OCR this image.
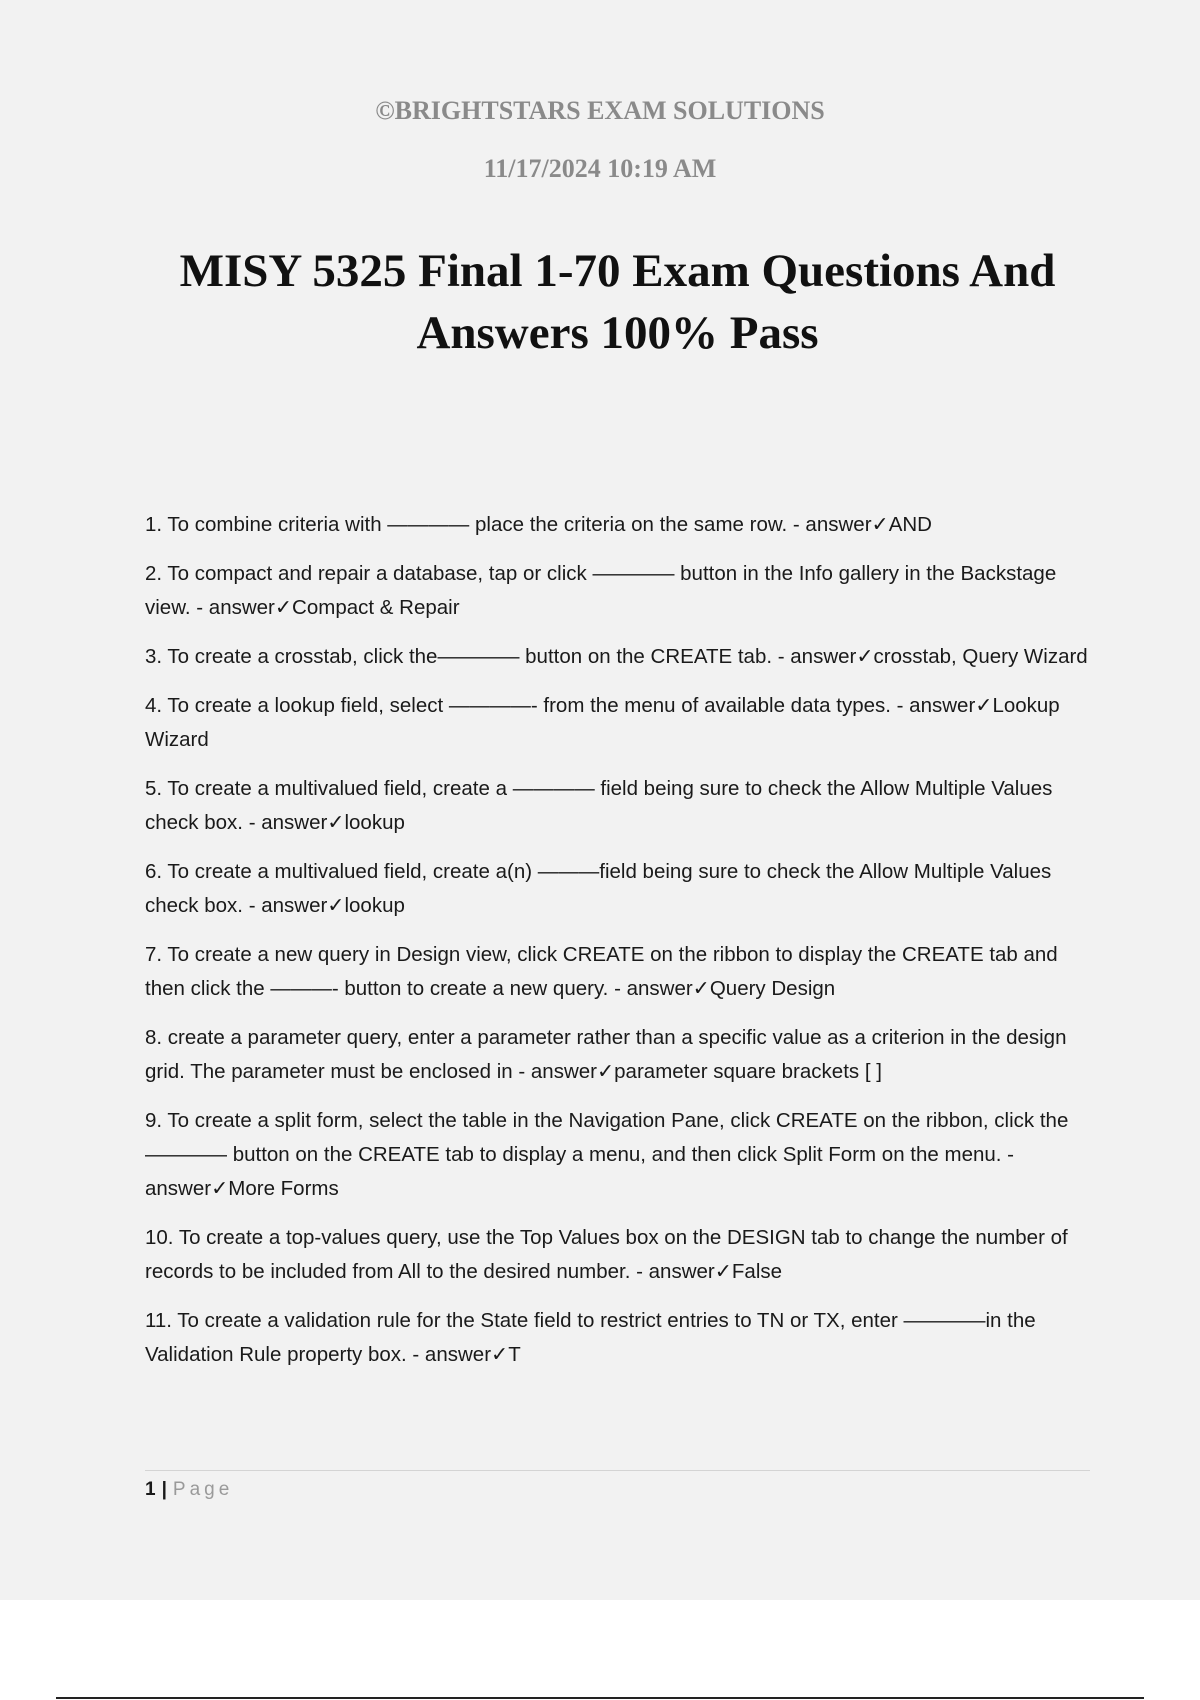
©BRIGHTSTARS EXAM SOLUTIONS
11/17/2024 10:19 AM
MISY 5325 Final 1-70 Exam Questions And Answers 100% Pass
1. To combine criteria with ———— place the criteria on the same row. - answer✓AND
2. To compact and repair a database, tap or click ———— button in the Info gallery in the Backstage view. - answer✓Compact & Repair
3. To create a crosstab, click the———— button on the CREATE tab. - answer✓crosstab, Query Wizard
4. To create a lookup field, select ————- from the menu of available data types. - answer✓Lookup Wizard
5. To create a multivalued field, create a ———— field being sure to check the Allow Multiple Values check box. - answer✓lookup
6. To create a multivalued field, create a(n) ———field being sure to check the Allow Multiple Values check box. - answer✓lookup
7. To create a new query in Design view, click CREATE on the ribbon to display the CREATE tab and then click the ———- button to create a new query. - answer✓Query Design
8. create a parameter query, enter a parameter rather than a specific value as a criterion in the design grid. The parameter must be enclosed in - answer✓parameter square brackets [ ]
9. To create a split form, select the table in the Navigation Pane, click CREATE on the ribbon, click the ———— button on the CREATE tab to display a menu, and then click Split Form on the menu. - answer✓More Forms
10. To create a top-values query, use the Top Values box on the DESIGN tab to change the number of records to be included from All to the desired number. - answer✓False
11. To create a validation rule for the State field to restrict entries to TN or TX, enter ————in the Validation Rule property box. - answer✓T
1 | Page
